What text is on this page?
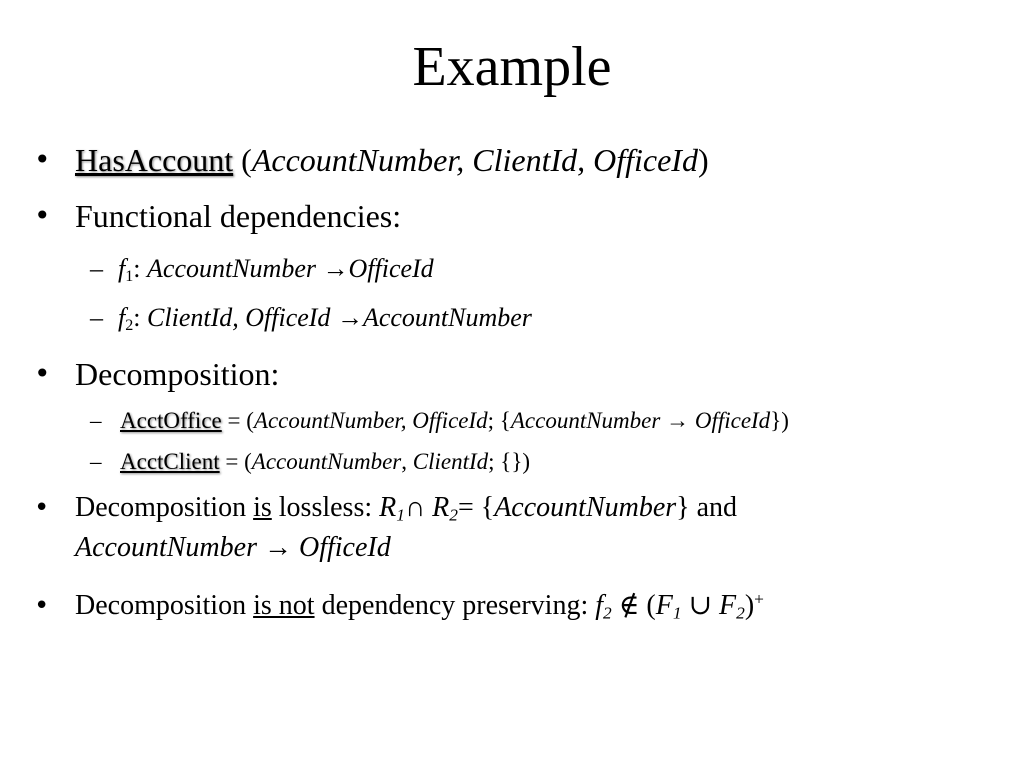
Example
• HasAccount (AccountNumber, ClientId, OfficeId)
• Functional dependencies:
– $f_1$: AccountNumber →OfficeId
– $f_2$: ClientId, OfficeId →AccountNumber
• Decomposition:
– AcctOffice = (AccountNumber, OfficeId; {AccountNumber → OfficeId})
– AcctClient = (AccountNumber, ClientId; {})
• Decomposition is lossless: $R_1\cap$ $R_2=$ {AccountNumber} and
AccountNumber → OfficeId
• Decomposition is not dependency preserving: $f_2$ ∉ ($F_1$ ∪ $F_2)^+$
